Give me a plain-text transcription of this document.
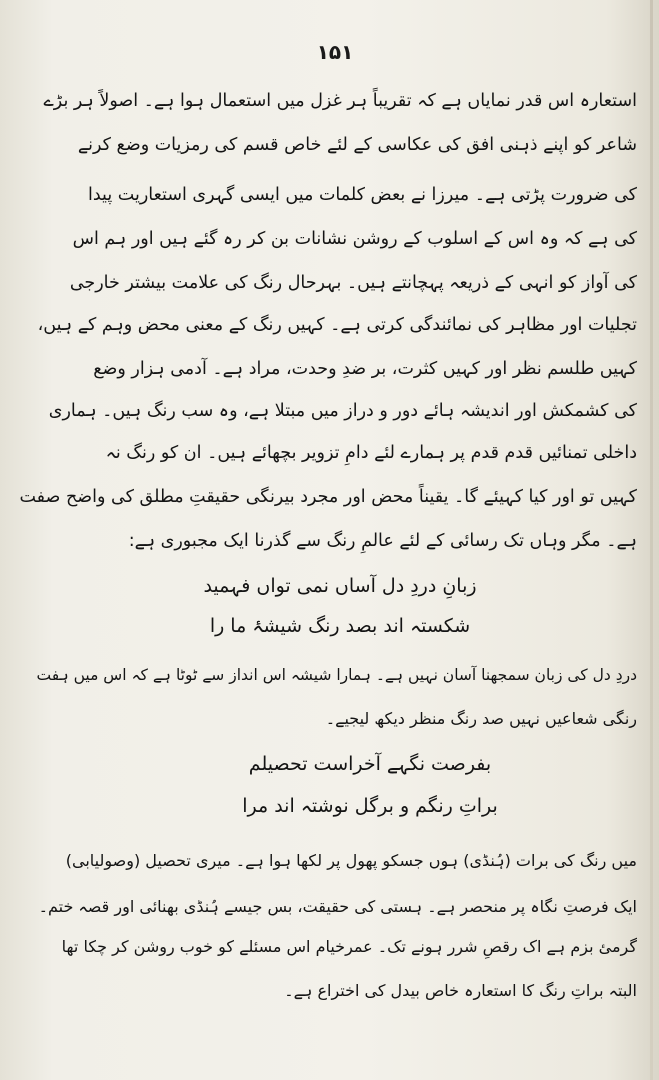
۱۵۱
استعارہ اس قدر نمایاں ہے کہ تقریباً ہر غزل میں استعمال ہوا ہے۔ اصولاً ہر بڑے
شاعر کو اپنے ذہنی افق کی عکاسی کے لئے خاص قسم کی رمزیات وضع کرنے
کی ضرورت پڑتی ہے۔ میرزا نے بعض کلمات میں ایسی گہری استعاریت پیدا
کی ہے کہ وہ اس کے اسلوب کے روشن نشانات بن کر رہ گئے ہیں اور ہم اس
کی آواز کو انہی کے ذریعہ پہچانتے ہیں۔ بہرحال رنگ کی علامت بیشتر خارجی
تجلیات اور مظاہر کی نمائندگی کرتی ہے۔ کہیں رنگ کے معنی محض وہم کے ہیں،
کہیں طلسم نظر اور کہیں کثرت، بر ضدِ وحدت، مراد ہے۔ آدمی ہزار وضع
کی کشمکش اور اندیشہ ہائے دور و دراز میں مبتلا ہے، وہ سب رنگ ہیں۔ ہماری
داخلی تمنائیں قدم قدم پر ہمارے لئے دامِ تزویر بچھائے ہیں۔ ان کو رنگ نہ
کہیں تو اور کیا کہیئے گا۔ یقیناً محض اور مجرد بیرنگی حقیقتِ مطلق کی واضح صفت
ہے۔ مگر وہاں تک رسائی کے لئے عالمِ رنگ سے گذرنا ایک مجبوری ہے:
زبانِ دردِ دل آساں نمی تواں فہمید
شکستہ اند بصد رنگ شیشۂ ما را
دردِ دل کی زبان سمجھنا آسان نہیں ہے۔ ہمارا شیشہ اس انداز سے ٹوٹا ہے کہ اس میں ہفت
رنگی شعاعیں نہیں صد رنگ منظر دیکھ لیجیے۔
بفرصت نگہے آخراست تحصیلم
براتِ رنگم و برگل نوشتہ اند مرا
میں رنگ کی برات (ہُنڈی) ہوں جسکو پھول پر لکھا ہوا ہے۔ میری تحصیل (وصولیابی)
ایک فرصتِ نگاہ پر منحصر ہے۔ ہستی کی حقیقت، بس جیسے ہُنڈی بھنائی اور قصہ ختم۔
گرمئ بزم ہے اک رقصِ شرر ہونے تک۔ عمرخیام اس مسئلے کو خوب روشن کر چکا تھا
البتہ براتِ رنگ کا استعارہ خاص بیدل کی اختراع ہے۔
